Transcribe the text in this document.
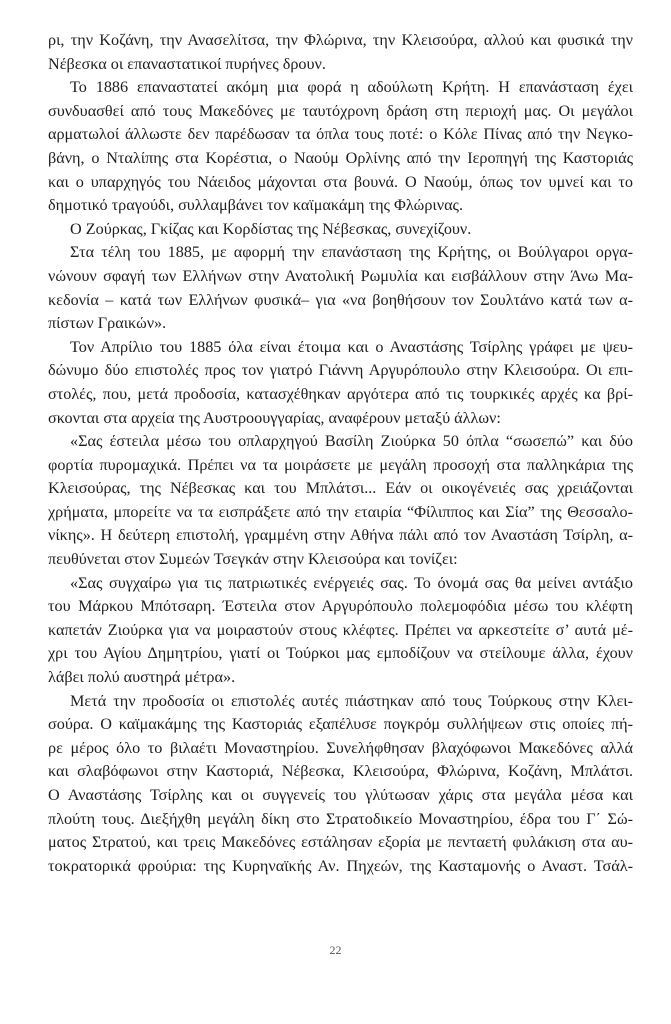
ρι, την Κοζάνη, την Ανασελίτσα, την Φλώρινα, την Κλεισούρα, αλλού και φυσικά την
Νέβεσκα οι επαναστατικοί πυρήνες δρουν.
Το 1886 επαναστατεί ακόμη μια φορά η αδούλωτη Κρήτη. Η επανάσταση έχει
συνδυασθεί από τους Μακεδόνες με ταυτόχρονη δράση στη περιοχή μας. Οι μεγάλοι
αρματωλοί άλλωστε δεν παρέδωσαν τα όπλα τους ποτέ: ο Κόλε Πίνας από την Νεγκο-
βάνη, ο Νταλίπης στα Κορέστια, ο Ναούμ Ορλίνης από την Ιεροπηγή της Καστοριάς
και ο υπαρχηγός του Νάειδος μάχονται στα βουνά. Ο Ναούμ, όπως τον υμνεί και το
δημοτικό τραγούδι, συλλαμβάνει τον καϊμακάμη της Φλώρινας.
Ο Ζούρκας, Γκίζας και Κορδίστας της Νέβεσκας, συνεχίζουν.
Στα τέλη του 1885, με αφορμή την επανάσταση της Κρήτης, οι Βούλγαροι οργα-
νώνουν σφαγή των Ελλήνων στην Ανατολική Ρωμυλία και εισβάλλουν στην Άνω Μα-
κεδονία – κατά των Ελλήνων φυσικά– για «να βοηθήσουν τον Σουλτάνο κατά των α-
πίστων Γραικών».
Τον Απρίλιο του 1885 όλα είναι έτοιμα και ο Αναστάσης Τσίρλης γράφει με ψευ-
δώνυμο δύο επιστολές προς τον γιατρό Γιάννη Αργυρόπουλο στην Κλεισούρα. Οι επι-
στολές, που, μετά προδοσία, κατασχέθηκαν αργότερα από τις τουρκικές αρχές κα βρί-
σκονται στα αρχεία της Αυστροουγγαρίας, αναφέρουν μεταξύ άλλων:
«Σας έστειλα μέσω του οπλαρχηγού Βασίλη Ζιούρκα 50 όπλα “σωσεπώ” και δύο
φορτία πυρομαχικά. Πρέπει να τα μοιράσετε με μεγάλη προσοχή στα παλληκάρια της
Κλεισούρας, της Νέβεσκας και του Μπλάτσι... Εάν οι οικογένειές σας χρειάζονται
χρήματα, μπορείτε να τα εισπράξετε από την εταιρία “Φίλιππος και Σία” της Θεσσαλο-
νίκης». Η δεύτερη επιστολή, γραμμένη στην Αθήνα πάλι από τον Αναστάση Τσίρλη, α-
πευθύνεται στον Συμεών Τσεγκάν στην Κλεισούρα και τονίζει:
«Σας συγχαίρω για τις πατριωτικές ενέργειές σας. Το όνομά σας θα μείνει αντάξιο
του Μάρκου Μπότσαρη. Έστειλα στον Αργυρόπουλο πολεμοφόδια μέσω του κλέφτη
καπετάν Ζιούρκα για να μοιραστούν στους κλέφτες. Πρέπει να αρκεστείτε σ’ αυτά μέ-
χρι του Αγίου Δημητρίου, γιατί οι Τούρκοι μας εμποδίζουν να στείλουμε άλλα, έχουν
λάβει πολύ αυστηρά μέτρα».
Μετά την προδοσία οι επιστολές αυτές πιάστηκαν από τους Τούρκους στην Κλει-
σούρα. Ο καϊμακάμης της Καστοριάς εξαπέλυσε πογκρόμ συλλήψεων στις οποίες πή-
ρε μέρος όλο το βιλαέτι Μοναστηρίου. Συνελήφθησαν βλαχόφωνοι Μακεδόνες αλλά
και σλαβόφωνοι στην Καστοριά, Νέβεσκα, Κλεισούρα, Φλώρινα, Κοζάνη, Μπλάτσι.
Ο Αναστάσης Τσίρλης και οι συγγενείς του γλύτωσαν χάρις στα μεγάλα μέσα και
πλούτη τους. Διεξήχθη μεγάλη δίκη στο Στρατοδικείο Μοναστηρίου, έδρα του Γ΄ Σώ-
ματος Στρατού, και τρεις Μακεδόνες εστάλησαν εξορία με πενταετή φυλάκιση στα αυ-
τοκρατορικά φρούρια: της Κυρηναϊκής Αν. Πηχεών, της Κασταμονής ο Αναστ. Τσάλ-
22
